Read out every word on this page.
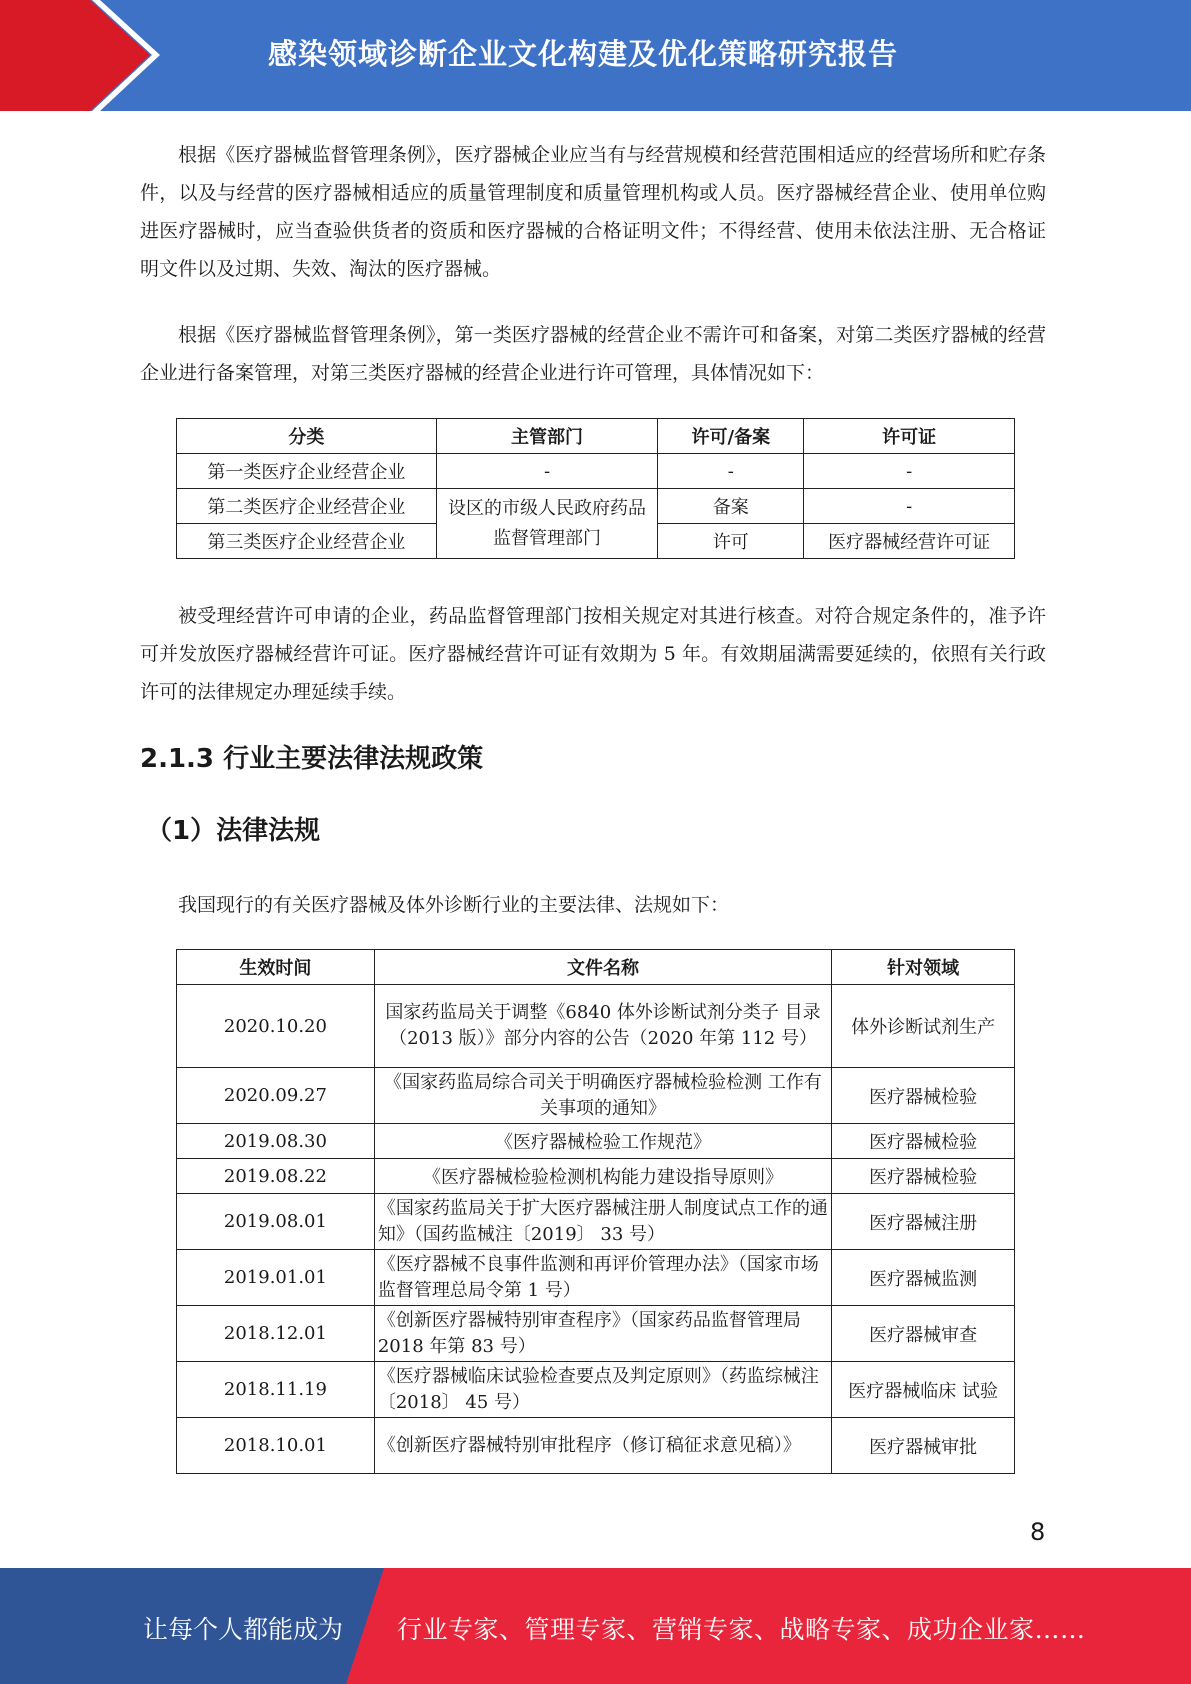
感染领域诊断企业文化构建及优化策略研究报告

根据《医疗器械监督管理条例》，医疗器械企业应当有与经营规模和经营范围相适应的经营场所和贮存条件，以及与经营的医疗器械相适应的质量管理制度和质量管理机构或人员。医疗器械经营企业、使用单位购进医疗器械时，应当查验供货者的资质和医疗器械的合格证明文件；不得经营、使用未依法注册、无合格证明文件以及过期、失效、淘汰的医疗器械。

根据《医疗器械监督管理条例》，第一类医疗器械的经营企业不需许可和备案，对第二类医疗器械的经营企业进行备案管理，对第三类医疗器械的经营企业进行许可管理，具体情况如下：

分类	主管部门	许可/备案	许可证
第一类医疗企业经营企业	-	-	-
第二类医疗企业经营企业	设区的市级人民政府药品监督管理部门	备案	-
第三类医疗企业经营企业		许可	医疗器械经营许可证

被受理经营许可申请的企业，药品监督管理部门按相关规定对其进行核查。对符合规定条件的，准予许可并发放医疗器械经营许可证。医疗器械经营许可证有效期为 5 年。有效期届满需要延续的，依照有关行政许可的法律规定办理延续手续。

2.1.3 行业主要法律法规政策
（1）法律法规

我国现行的有关医疗器械及体外诊断行业的主要法律、法规如下：

生效时间	文件名称	针对领域
2020.10.20	国家药监局关于调整《6840 体外诊断试剂分类子 目录（2013 版）》部分内容的公告（2020 年第 112 号）	体外诊断试剂生产
2020.09.27	《国家药监局综合司关于明确医疗器械检验检测 工作有关事项的通知》	医疗器械检验
2019.08.30	《医疗器械检验工作规范》	医疗器械检验
2019.08.22	《医疗器械检验检测机构能力建设指导原则》	医疗器械检验
2019.08.01	《国家药监局关于扩大医疗器械注册人制度试点工作的通知》（国药监械注〔2019〕 33 号）	医疗器械注册
2019.01.01	《医疗器械不良事件监测和再评价管理办法》（国家市场监督管理总局令第 1 号）	医疗器械监测
2018.12.01	《创新医疗器械特别审查程序》（国家药品监督管理局 2018 年第 83 号）	医疗器械审查
2018.11.19	《医疗器械临床试验检查要点及判定原则》（药监综械注〔2018〕 45 号）	医疗器械临床 试验
2018.10.01	《创新医疗器械特别审批程序（修订稿征求意见稿）》	医疗器械审批
8
让每个人都能成为 行业专家、管理专家、营销专家、战略专家、成功企业家……
